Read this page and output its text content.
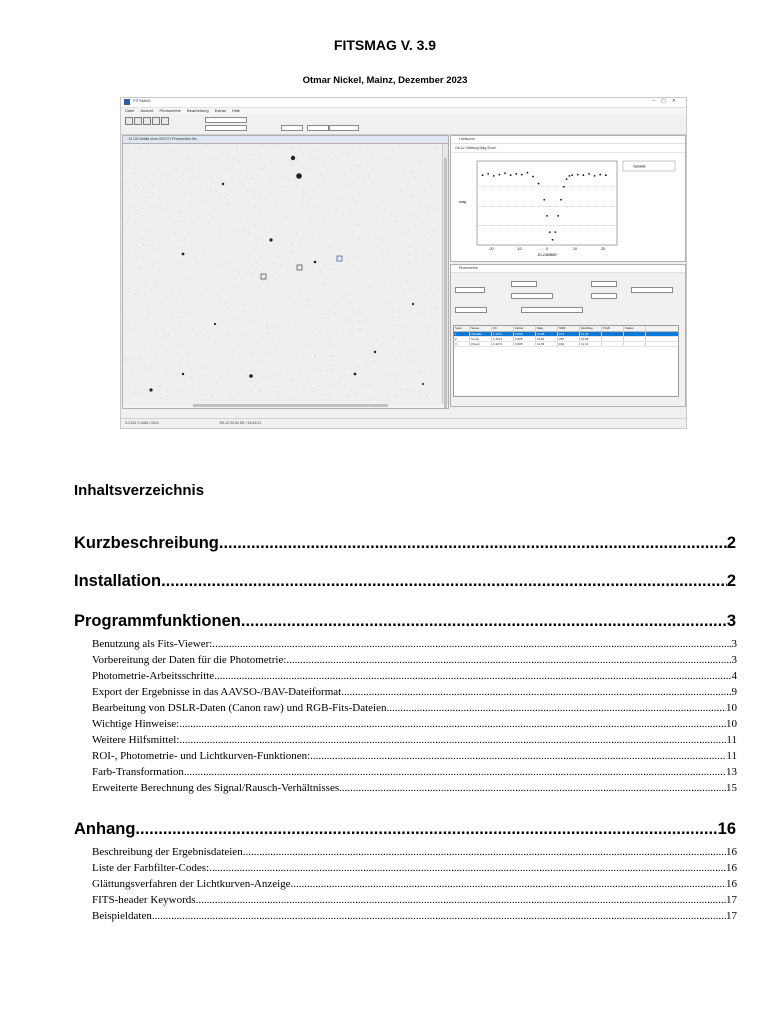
FITSMAG V. 3.9
Otmar Nickel, Mainz, Dezember 2023
FITSMAG	–▢✕
Datei Ansicht Photometrie Bearbeitung Extras Hilfe
M 100 Abbild ohne-003.FIT Photometrie-fits	Lichtkurve
Ok Lu Glättung Mag Zoom
-20	-10	0	10	20
JD-2459850
mag
Variable
Photometrie
Stern	Name	JD	Fehler	Mag	SNR	Ref-Mag	Profil	Status
1	Variable	1.2271	0.005	11.98	123	11.42
2	Comp	1.2271	0.005	10.81	245	10.85
3	Check	1.2271	0.005	11.06	190	11.10
X:2104 Y:1468 I:3315	RA 12:22:54 DE +15:49:21
Inhaltsverzeichnis
Kurzbeschreibung .....	2
Installation .....	2
Programmfunktionen .....	3
Benutzung als Fits-Viewer: .....	3
Vorbereitung der Daten für die Photometrie: .....	3
Photometrie-Arbeitsschritte .....	4
Export der Ergebnisse in das AAVSO-/BAV-Dateiformat .....	9
Bearbeitung von DSLR-Daten (Canon raw) und RGB-Fits-Dateien .....	10
Wichtige Hinweise: .....	10
Weitere Hilfsmittel: .....	11
ROI-, Photometrie- und Lichtkurven-Funktionen: .....	11
Farb-Transformation .....	13
Erweiterte Berechnung des Signal/Rausch-Verhältnisses .....	15
Anhang .....	16
Beschreibung der Ergebnisdateien .....	16
Liste der Farbfilter-Codes: .....	16
Glättungsverfahren der Lichtkurven-Anzeige .....	16
FITS-header Keywords .....	17
Beispieldaten .....	17
